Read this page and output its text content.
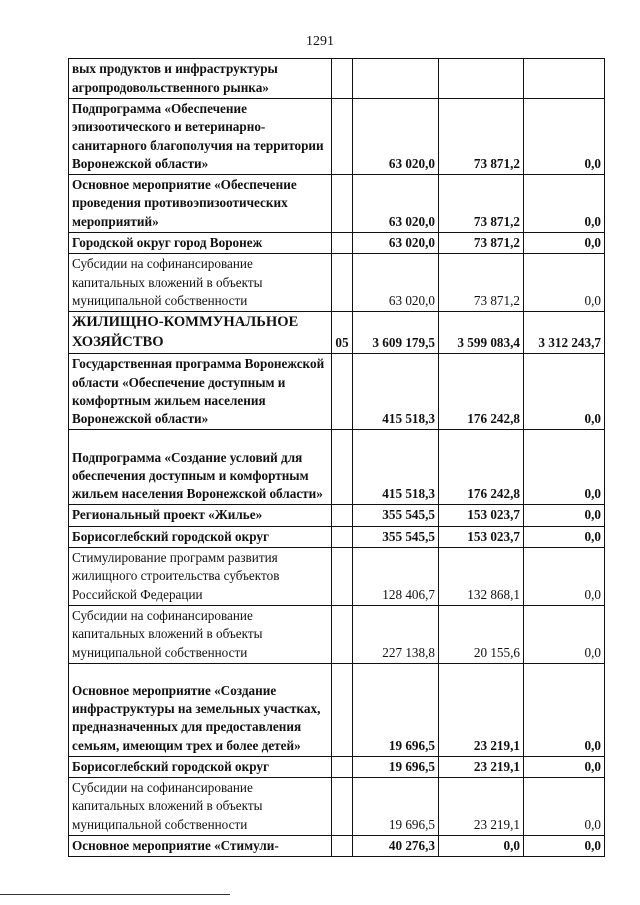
1291
вых продуктов и инфраструктуры агропродовольственного рынка»				
Подпрограмма «Обеспечение эпизоотического и ветеринарно-санитарного благополучия на территории Воронежской области»		63 020,0	73 871,2	0,0
Основное мероприятие «Обеспечение проведения противоэпизоотических мероприятий»		63 020,0	73 871,2	0,0
Городской округ город Воронеж		63 020,0	73 871,2	0,0
Субсидии на софинансирование капитальных вложений в объекты муниципальной собственности		63 020,0	73 871,2	0,0
ЖИЛИЩНО-КОММУНАЛЬНОЕ ХОЗЯЙСТВО	05	3 609 179,5	3 599 083,4	3 312 243,7
Государственная программа Воронежской области «Обеспечение доступным и комфортным жильем населения Воронежской области»		415 518,3	176 242,8	0,0
Подпрограмма «Создание условий для обеспечения доступным и комфортным жильем населения Воронежской области»		415 518,3	176 242,8	0,0
Региональный проект «Жилье»		355 545,5	153 023,7	0,0
Борисоглебский городской округ		355 545,5	153 023,7	0,0
Стимулирование программ развития жилищного строительства субъектов Российской Федерации		128 406,7	132 868,1	0,0
Субсидии на софинансирование капитальных вложений в объекты муниципальной собственности		227 138,8	20 155,6	0,0
Основное мероприятие «Создание инфраструктуры на земельных участках, предназначенных для предоставления семьям, имеющим трех и более детей»		19 696,5	23 219,1	0,0
Борисоглебский городской округ		19 696,5	23 219,1	0,0
Субсидии на софинансирование капитальных вложений в объекты муниципальной собственности		19 696,5	23 219,1	0,0
Основное мероприятие «Стимули-		40 276,3	0,0	0,0
